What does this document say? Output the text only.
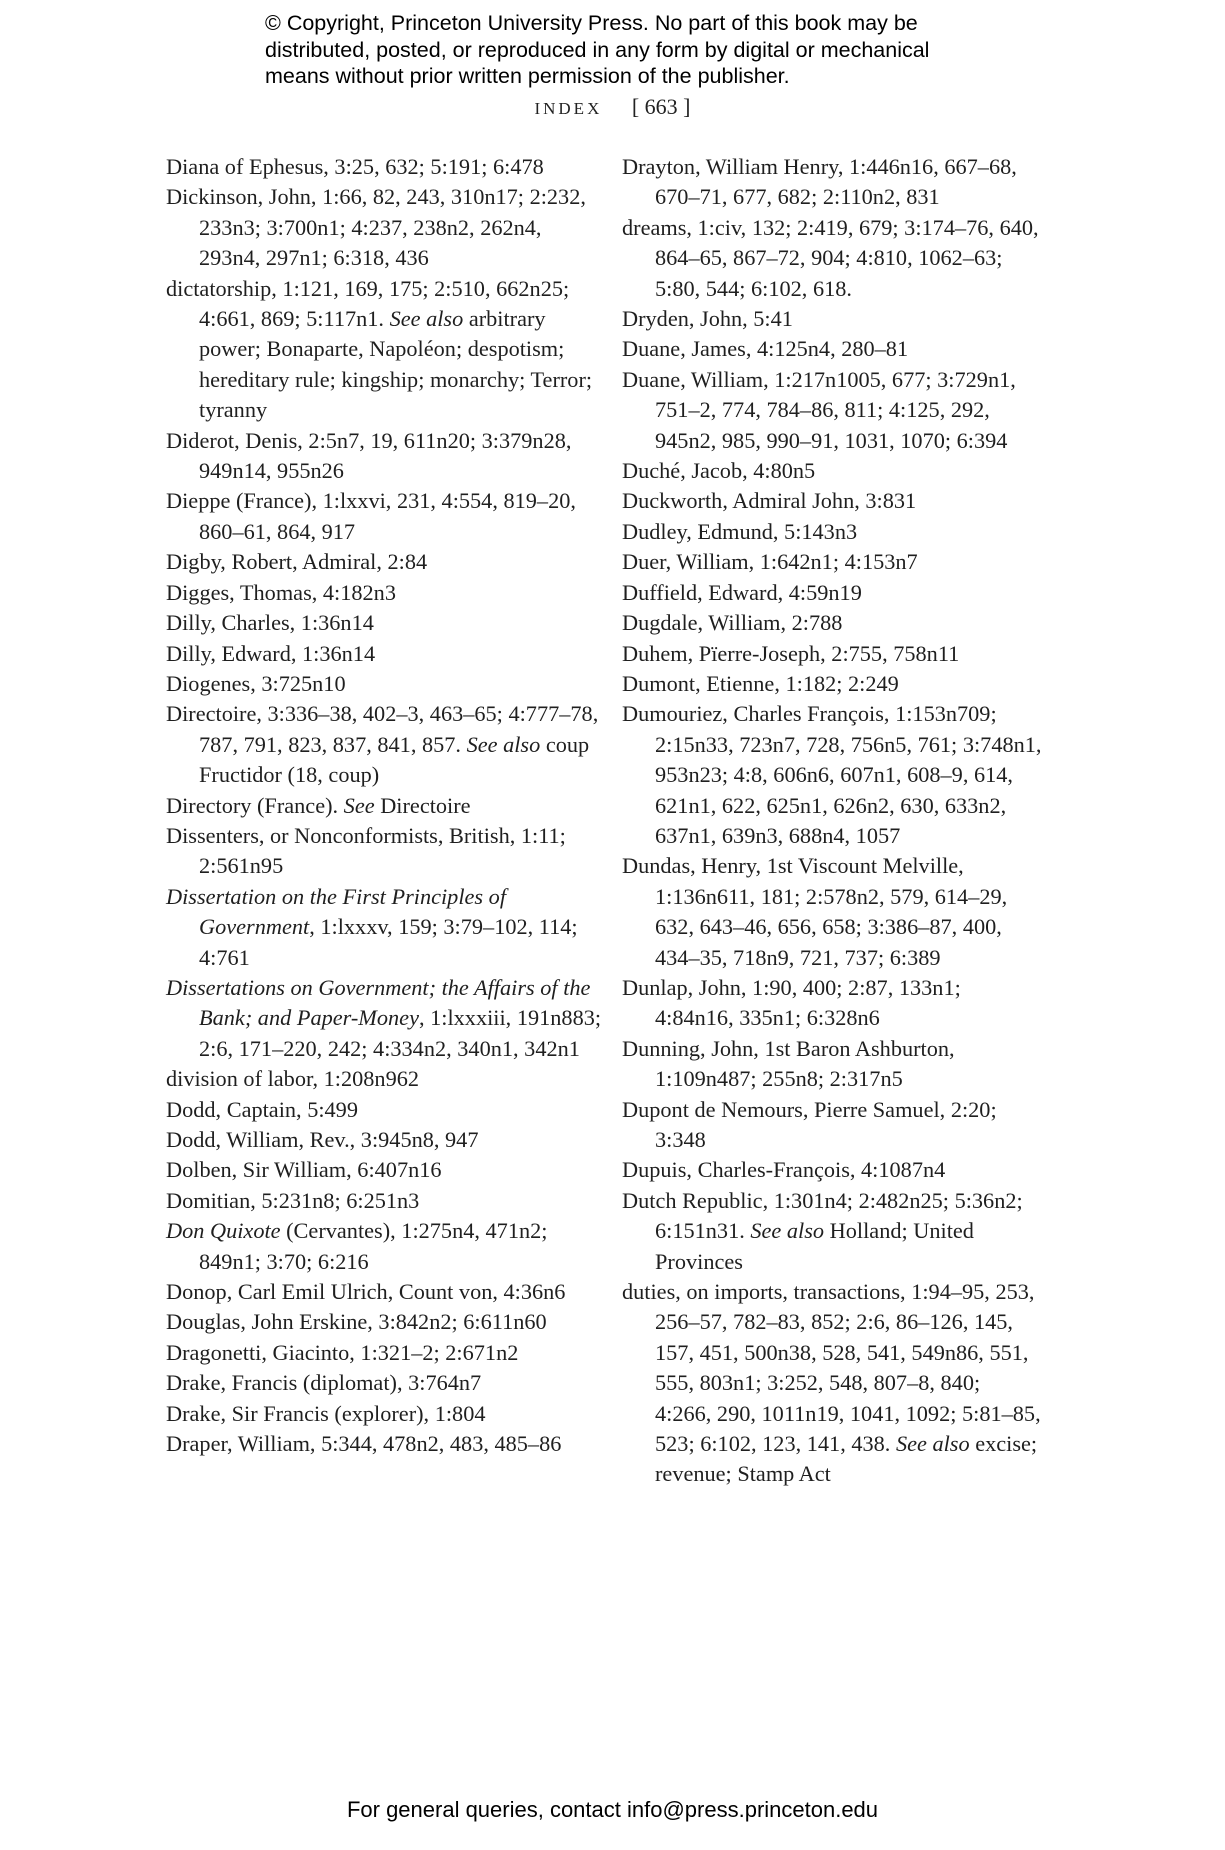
© Copyright, Princeton University Press. No part of this book may be
distributed, posted, or reproduced in any form by digital or mechanical
means without prior written permission of the publisher.
INDEX [ 663 ]
Diana of Ephesus, 3:25, 632; 5:191; 6:478
Dickinson, John, 1:66, 82, 243, 310n17; 2:232, 233n3; 3:700n1; 4:237, 238n2, 262n4, 293n4, 297n1; 6:318, 436
dictatorship, 1:121, 169, 175; 2:510, 662n25; 4:661, 869; 5:117n1. See also arbitrary power; Bonaparte, Napoléon; despotism; hereditary rule; kingship; monarchy; Terror; tyranny
Diderot, Denis, 2:5n7, 19, 611n20; 3:379n28, 949n14, 955n26
Dieppe (France), 1:lxxvi, 231, 4:554, 819–20, 860–61, 864, 917
Digby, Robert, Admiral, 2:84
Digges, Thomas, 4:182n3
Dilly, Charles, 1:36n14
Dilly, Edward, 1:36n14
Diogenes, 3:725n10
Directoire, 3:336–38, 402–3, 463–65; 4:777–78, 787, 791, 823, 837, 841, 857. See also coup Fructidor (18, coup)
Directory (France). See Directoire
Dissenters, or Nonconformists, British, 1:11; 2:561n95
Dissertation on the First Principles of Government, 1:lxxxv, 159; 3:79–102, 114; 4:761
Dissertations on Government; the Affairs of the Bank; and Paper-Money, 1:lxxxiii, 191n883; 2:6, 171–220, 242; 4:334n2, 340n1, 342n1
division of labor, 1:208n962
Dodd, Captain, 5:499
Dodd, William, Rev., 3:945n8, 947
Dolben, Sir William, 6:407n16
Domitian, 5:231n8; 6:251n3
Don Quixote (Cervantes), 1:275n4, 471n2; 849n1; 3:70; 6:216
Donop, Carl Emil Ulrich, Count von, 4:36n6
Douglas, John Erskine, 3:842n2; 6:611n60
Dragonetti, Giacinto, 1:321–2; 2:671n2
Drake, Francis (diplomat), 3:764n7
Drake, Sir Francis (explorer), 1:804
Draper, William, 5:344, 478n2, 483, 485–86
Drayton, William Henry, 1:446n16, 667–68, 670–71, 677, 682; 2:110n2, 831
dreams, 1:civ, 132; 2:419, 679; 3:174–76, 640, 864–65, 867–72, 904; 4:810, 1062–63; 5:80, 544; 6:102, 618.
Dryden, John, 5:41
Duane, James, 4:125n4, 280–81
Duane, William, 1:217n1005, 677; 3:729n1, 751–2, 774, 784–86, 811; 4:125, 292, 945n2, 985, 990–91, 1031, 1070; 6:394
Duché, Jacob, 4:80n5
Duckworth, Admiral John, 3:831
Dudley, Edmund, 5:143n3
Duer, William, 1:642n1; 4:153n7
Duffield, Edward, 4:59n19
Dugdale, William, 2:788
Duhem, Pïerre-Joseph, 2:755, 758n11
Dumont, Etienne, 1:182; 2:249
Dumouriez, Charles François, 1:153n709; 2:15n33, 723n7, 728, 756n5, 761; 3:748n1, 953n23; 4:8, 606n6, 607n1, 608–9, 614, 621n1, 622, 625n1, 626n2, 630, 633n2, 637n1, 639n3, 688n4, 1057
Dundas, Henry, 1st Viscount Melville, 1:136n611, 181; 2:578n2, 579, 614–29, 632, 643–46, 656, 658; 3:386–87, 400, 434–35, 718n9, 721, 737; 6:389
Dunlap, John, 1:90, 400; 2:87, 133n1; 4:84n16, 335n1; 6:328n6
Dunning, John, 1st Baron Ashburton, 1:109n487; 255n8; 2:317n5
Dupont de Nemours, Pierre Samuel, 2:20; 3:348
Dupuis, Charles-François, 4:1087n4
Dutch Republic, 1:301n4; 2:482n25; 5:36n2; 6:151n31. See also Holland; United Provinces
duties, on imports, transactions, 1:94–95, 253, 256–57, 782–83, 852; 2:6, 86–126, 145, 157, 451, 500n38, 528, 541, 549n86, 551, 555, 803n1; 3:252, 548, 807–8, 840; 4:266, 290, 1011n19, 1041, 1092; 5:81–85, 523; 6:102, 123, 141, 438. See also excise; revenue; Stamp Act
For general queries, contact info@press.princeton.edu
